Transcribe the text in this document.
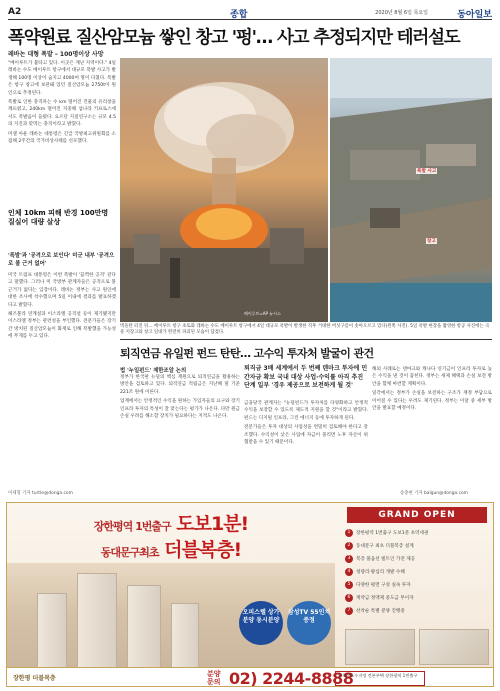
A2	종합	2020년 8월 6일 목요일	동아일보
폭약원료 질산암모늄 쌓인 창고 '펑'… 사고 추정되지만 테러설도
레바논 대형 폭발 – 100명이상 사망

"베이루트가 불타고 있다. 이곳은 재난 지역이다." 4일 레바논 수도 베이루트 항구에서 대규모 폭발 사고가 발생해 100명 이상이 숨지고 4000여 명이 다쳤다. 폭발은 항구 창고에 보관돼 있던 질산암모늄 2750t이 원인으로 추정된다.

폭발로 인한 충격파는 수 km 떨어진 건물의 유리창을 깨뜨렸고, 240km 떨어진 지중해 섬나라 키프로스에서도 폭발음이 들렸다. 요르단 지질연구소는 규모 4.5의 지진과 맞먹는 충격이라고 밝혔다.

미셸 아운 레바논 대통령은 긴급 국방최고위원회를 소집해 2주간의 국가비상사태를 선포했다.

인체 10km 피해 반경 100만명 질실어 대량 살상
'폭발'과 '공격으로 보인다' 미군 내부 '공격으로 볼 근거 없어'

미국 트럼프 대통령은 이번 폭발이 '끔찍한 공격' 같다고 말했다. 그러나 미 국방부 관계자들은 공격으로 볼 근거가 없다는 입장이다. 레바논 정부는 사고 원인에 대한 조사에 착수했으며 5일 이내에 결과를 발표하겠다고 밝혔다.

헤즈볼라 연계설과 이스라엘 공격설 등이 제기됐지만 이스라엘 정부는 관련성을 부인했다. 전문가들은 장기간 방치된 질산암모늄이 화재로 인해 폭발했을 가능성에 무게를 두고 있다.

이세형 기자 turtle@donga.com
폭발 사고
창고
베이루트=AP 뉴시스
벽돌탄 터진 뒤… 베이루트 항구 초토화 레바논 수도 베이루트 항구에서 4일 대규모 폭발이 발생한 직후 거대한 버섯구름이 솟아오르고 있다(왼쪽 사진). 5일 폭발 현장을 촬영한 항공 사진에는 곡물 저장고와 창고 일대가 완전히 파괴된 모습이 담겼다.
퇴직연금 유일펀 펀드 탄탄… 고수익 투자처 발굴이 관건
법 '누일펀드' 제한조알 논의	퇴직금 3배 세계에서 두 번째 덴마크 투자에 민간자금 확보 국내 대상 사업·수익률 아직 추진 단계 일부 '경우 제공으로 보전하게 될 것'

정부가 한국판 뉴딜의 핵심 재원으로 퇴직연금을 활용하는 방안을 검토하고 있다. 퇴직연금 적립금은 지난해 말 기준 221조 원에 이른다.

업계에서는 안정적인 수익을 원하는 가입자들의 요구와 장기 인프라 투자의 특성이 잘 맞는다는 평가가 나온다. 다만 원금 손실 우려를 해소할 장치가 필요하다는 지적도 나온다.

금융당국 관계자는 "뉴딜펀드가 투자처를 다양화하고 안정적 수익을 보장할 수 있도록 제도적 지원을 할 것"이라고 밝혔다. 펀드는 디지털 인프라, 그린 에너지 등에 투자하게 된다.

전문가들은 투자 대상의 사업성을 면밀히 검토해야 한다고 강조했다. 수익성이 낮은 사업에 자금이 몰리면 노후 자산이 위협받을 수 있기 때문이다.

해외 사례로는 덴마크와 캐나다 연기금이 인프라 투자로 높은 수익을 낸 것이 꼽힌다. 정부는 세제 혜택과 손실 보전 방안을 함께 마련할 계획이다.

일각에서는 정부가 손실을 보전하는 구조가 재정 부담으로 이어질 수 있다는 우려도 제기된다. 정부는 이달 중 세부 방안을 발표할 예정이다.

송충현 기자 balgun@donga.com
장한평역 1번출구 도보1분!
동대문구최초 더블복층!
오피스텔 상가 분양 동시분양
삼성TV 55인치 증정
GRAND OPEN
1 장한평역 1번출구 도보1분 초역세권
2 동대문구 최초 더블복층 설계
3 복층 풀옵션 빌트인 가전 제공
4 청량리·왕십리 개발 수혜
5 다양한 평면 구성 실속 투자
6 계약금 정액제 중도금 무이자
7 선착순 특별 분양 진행중
장한평 더블복층
분양 문의 02) 2244-8888
선착순호수지정 견본주택 장한평역 1번출구
